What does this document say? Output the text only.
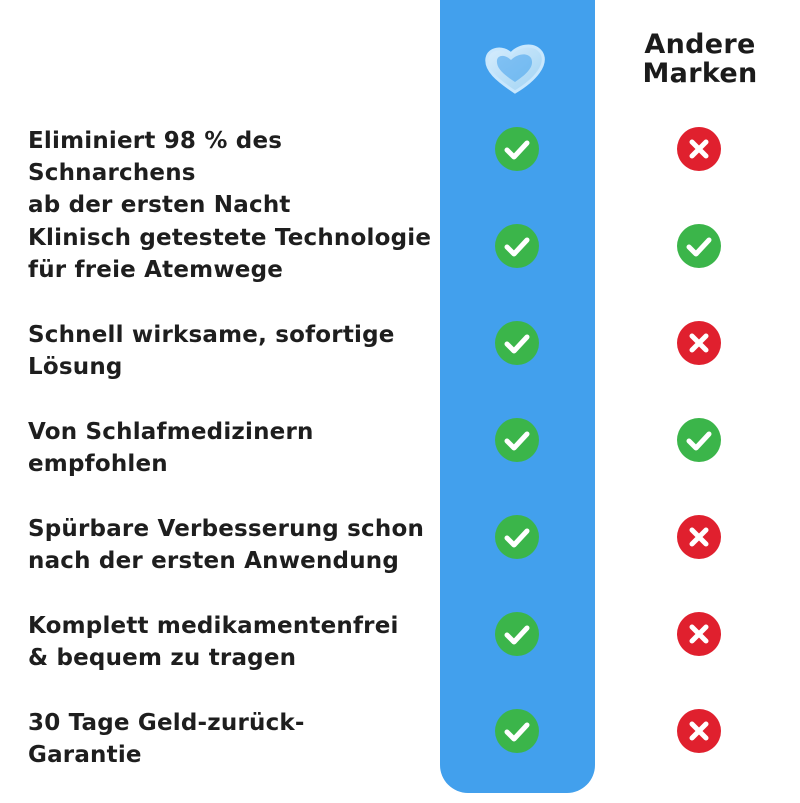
Andere
Marken
Eliminiert 98 % des Schnarchens
ab der ersten Nacht
Klinisch getestete Technologie
für freie Atemwege
Schnell wirksame, sofortige
Lösung
Von Schlafmedizinern
empfohlen
Spürbare Verbesserung schon
nach der ersten Anwendung
Komplett medikamentenfrei
& bequem zu tragen
30 Tage Geld-zurück-
Garantie
